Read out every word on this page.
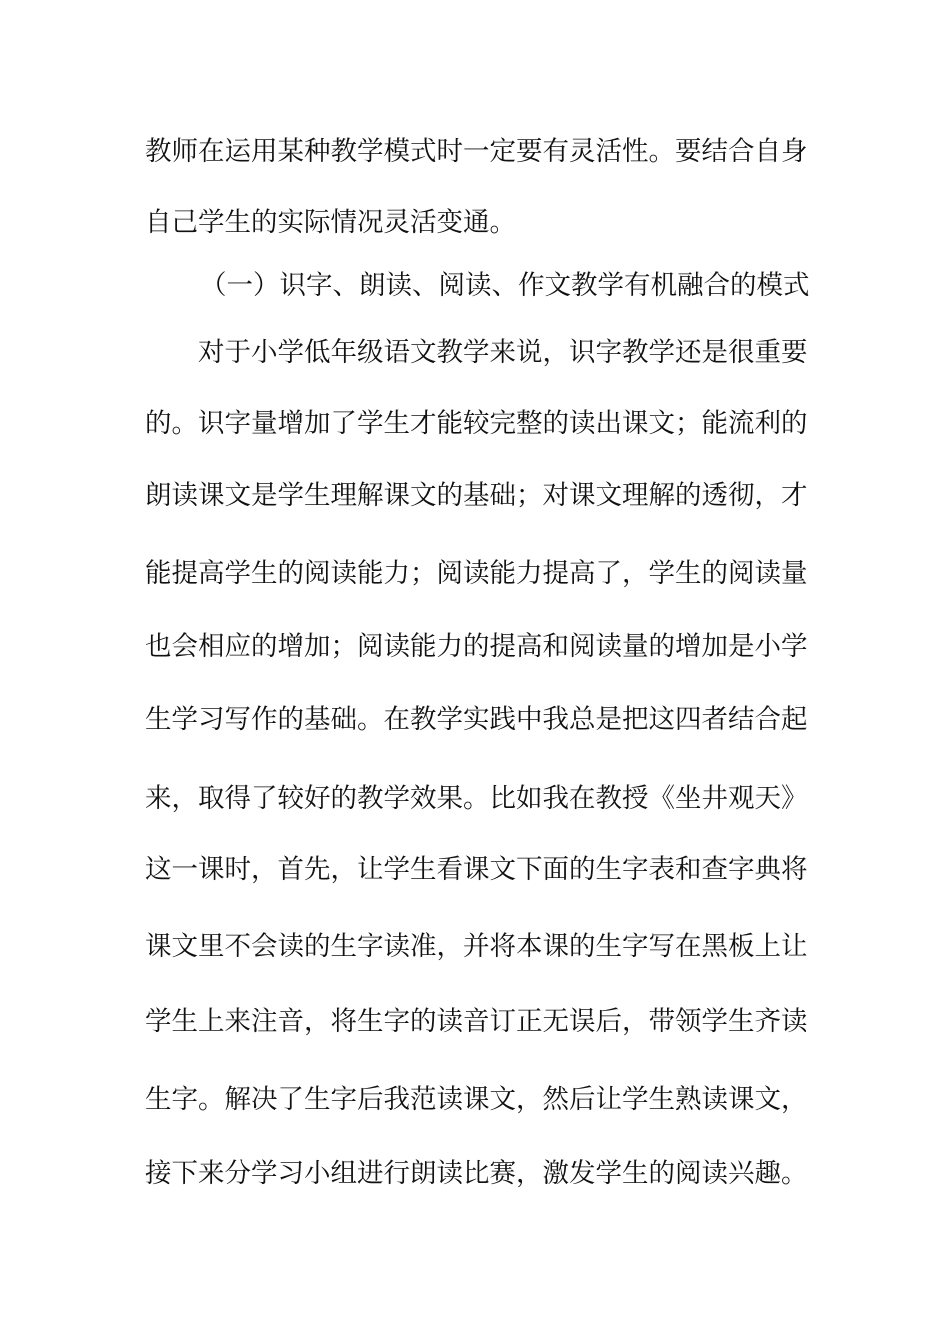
教师在运用某种教学模式时一定要有灵活性。要结合自身
自己学生的实际情况灵活变通。
（一）识字、朗读、阅读、作文教学有机融合的模式
对于小学低年级语文教学来说，识字教学还是很重要
的。识字量增加了学生才能较完整的读出课文；能流利的
朗读课文是学生理解课文的基础；对课文理解的透彻，才
能提高学生的阅读能力；阅读能力提高了，学生的阅读量
也会相应的增加；阅读能力的提高和阅读量的增加是小学
生学习写作的基础。在教学实践中我总是把这四者结合起
来，取得了较好的教学效果。比如我在教授《坐井观天》
这一课时，首先，让学生看课文下面的生字表和查字典将
课文里不会读的生字读准，并将本课的生字写在黑板上让
学生上来注音，将生字的读音订正无误后，带领学生齐读
生字。解决了生字后我范读课文，然后让学生熟读课文，
接下来分学习小组进行朗读比赛，激发学生的阅读兴趣。
